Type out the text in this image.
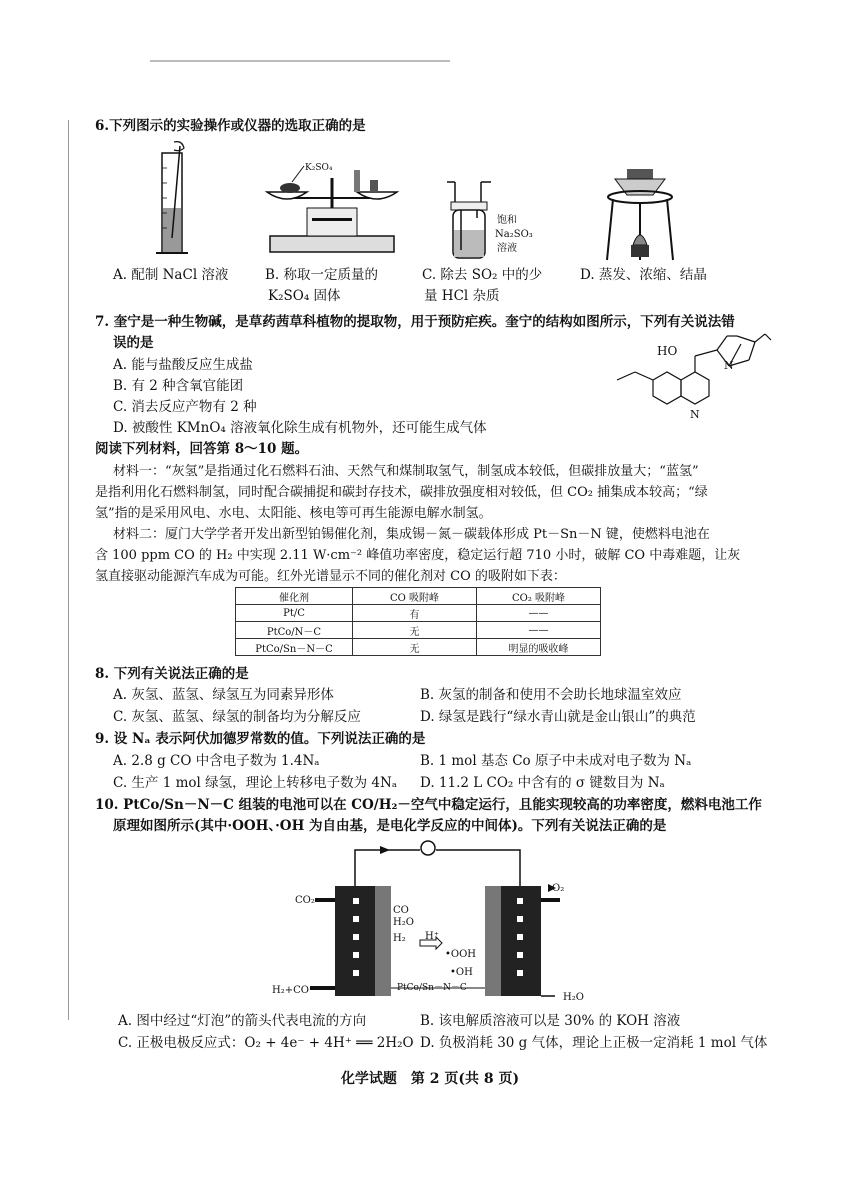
6.下列图示的实验操作或仪器的选取正确的是
K₂SO₄
饱和
Na₂SO₃
溶液
A. 配制 NaCl 溶液	B. 称取一定质量的
K₂SO₄ 固体
C. 除去 SO₂ 中的少
量 HCl 杂质
D. 蒸发、浓缩、结晶
7. 奎宁是一种生物碱，是草药茜草科植物的提取物，用于预防疟疾。奎宁的结构如图所示，下列有关说法错
误的是
A. 能与盐酸反应生成盐
B. 有 2 种含氧官能团
C. 消去反应产物有 2 种
D. 被酸性 KMnO₄ 溶液氧化除生成有机物外，还可能生成气体
HO
N
N
阅读下列材料，回答第 8～10 题。
材料一：“灰氢”是指通过化石燃料石油、天然气和煤制取氢气，制氢成本较低，但碳排放量大；“蓝氢”
是指利用化石燃料制氢，同时配合碳捕捉和碳封存技术，碳排放强度相对较低，但 CO₂ 捕集成本较高；“绿
氢”指的是采用风电、水电、太阳能、核电等可再生能源电解水制氢。
材料二：厦门大学学者开发出新型铂锡催化剂，集成锡－氮－碳载体形成 Pt－Sn－N 键，使燃料电池在
含 100 ppm CO 的 H₂ 中实现 2.11 W·cm⁻² 峰值功率密度，稳定运行超 710 小时，破解 CO 中毒难题，让灰
氢直接驱动能源汽车成为可能。红外光谱显示不同的催化剂对 CO 的吸附如下表：
催化剂	CO 吸附峰	CO₂ 吸附峰
Pt/C	有	——
PtCo/N－C	无	——
PtCo/Sn－N－C	无	明显的吸收峰
8. 下列有关说法正确的是
A. 灰氢、蓝氢、绿氢互为同素异形体	B. 灰氢的制备和使用不会助长地球温室效应
C. 灰氢、蓝氢、绿氢的制备均为分解反应	D. 绿氢是践行“绿水青山就是金山银山”的典范
9. 设 Nₐ 表示阿伏加德罗常数的值。下列说法正确的是
A. 2.8 g CO 中含电子数为 1.4Nₐ	B. 1 mol 基态 Co 原子中未成对电子数为 Nₐ
C. 生产 1 mol 绿氢，理论上转移电子数为 4Nₐ D. 11.2 L CO₂ 中含有的 σ 键数目为 Nₐ
10. PtCo/Sn－N－C 组装的电池可以在 CO/H₂－空气中稳定运行，且能实现较高的功率密度，燃料电池工作
原理如图所示(其中·OOH、·OH 为自由基，是电化学反应的中间体)。下列有关说法正确的是
CO₂
O₂
CO
H₂O
H₂ H⁺
•OOH
•OH
PtCo/Sn－N－C
H₂+CO
H₂O
A. 图中经过“灯泡”的箭头代表电流的方向	B. 该电解质溶液可以是 30% 的 KOH 溶液
C. 正极电极反应式：O₂ + 4e⁻ + 4H⁺ ══ 2H₂O D. 负极消耗 30 g 气体，理论上正极一定消耗 1 mol 气体
化学试题　第 2 页(共 8 页)
